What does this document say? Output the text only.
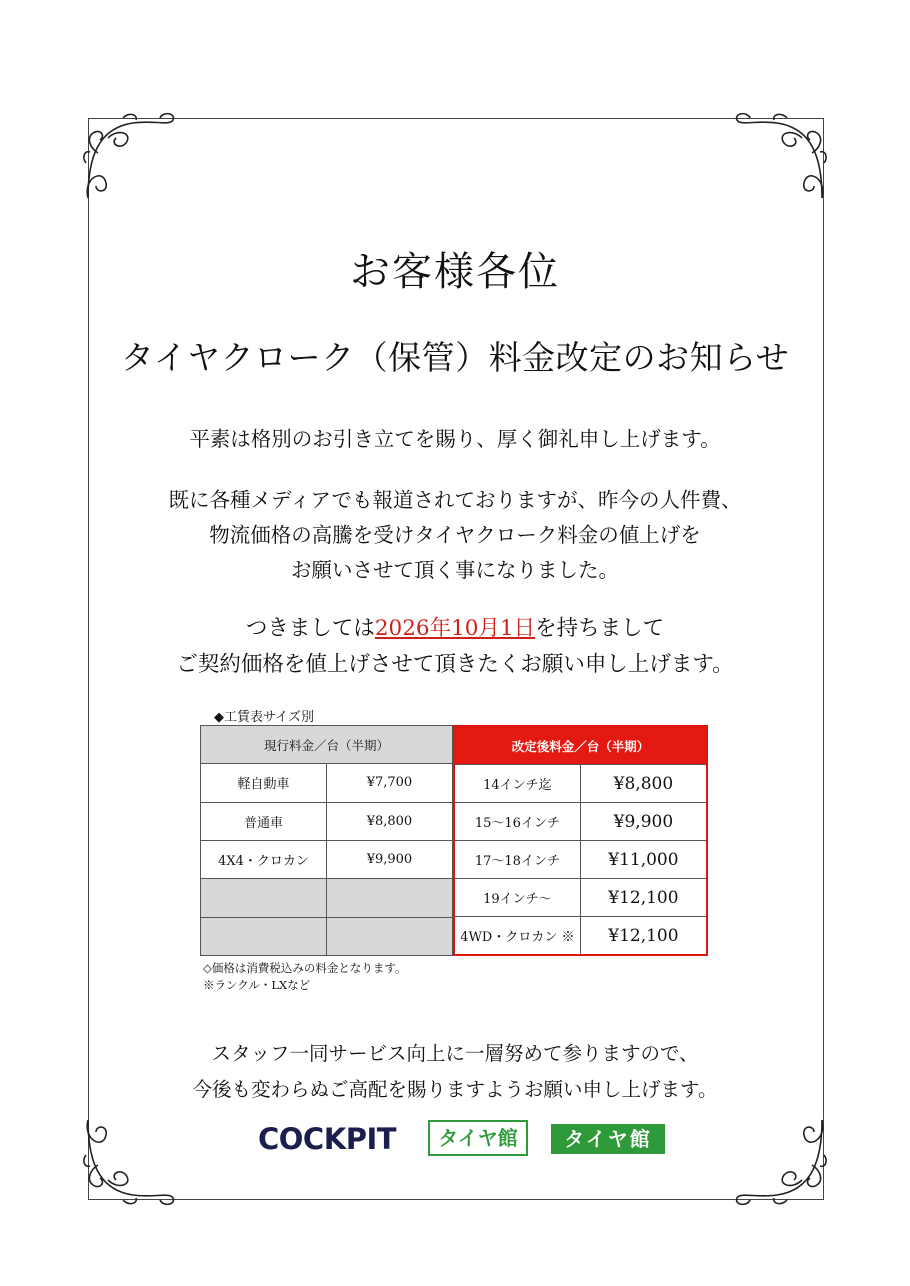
お客様各位
タイヤクローク（保管）料金改定のお知らせ
平素は格別のお引き立てを賜り、厚く御礼申し上げます。
既に各種メディアでも報道されておりますが、昨今の人件費、
物流価格の高騰を受けタイヤクローク料金の値上げを
お願いさせて頂く事になりました。
つきましては2026年10月1日を持ちまして
ご契約価格を値上げさせて頂きたくお願い申し上げます。
◆工賃表サイズ別
現行料金／台（半期）	
軽自動車	¥7,700
普通車	¥8,800
4X4・クロカン	¥9,900

改定後料金／台（半期）	
14インチ迄	¥8,800
15～16インチ	¥9,900
17～18インチ	¥11,000
19インチ～	¥12,100
4WD・クロカン ※	¥12,100
◇価格は消費税込みの料金となります。
※ランクル・LXなど
スタッフ一同サービス向上に一層努めて参りますので、
今後も変わらぬご高配を賜りますようお願い申し上げます。
COCKPIT	タイヤ館	タイヤ館
